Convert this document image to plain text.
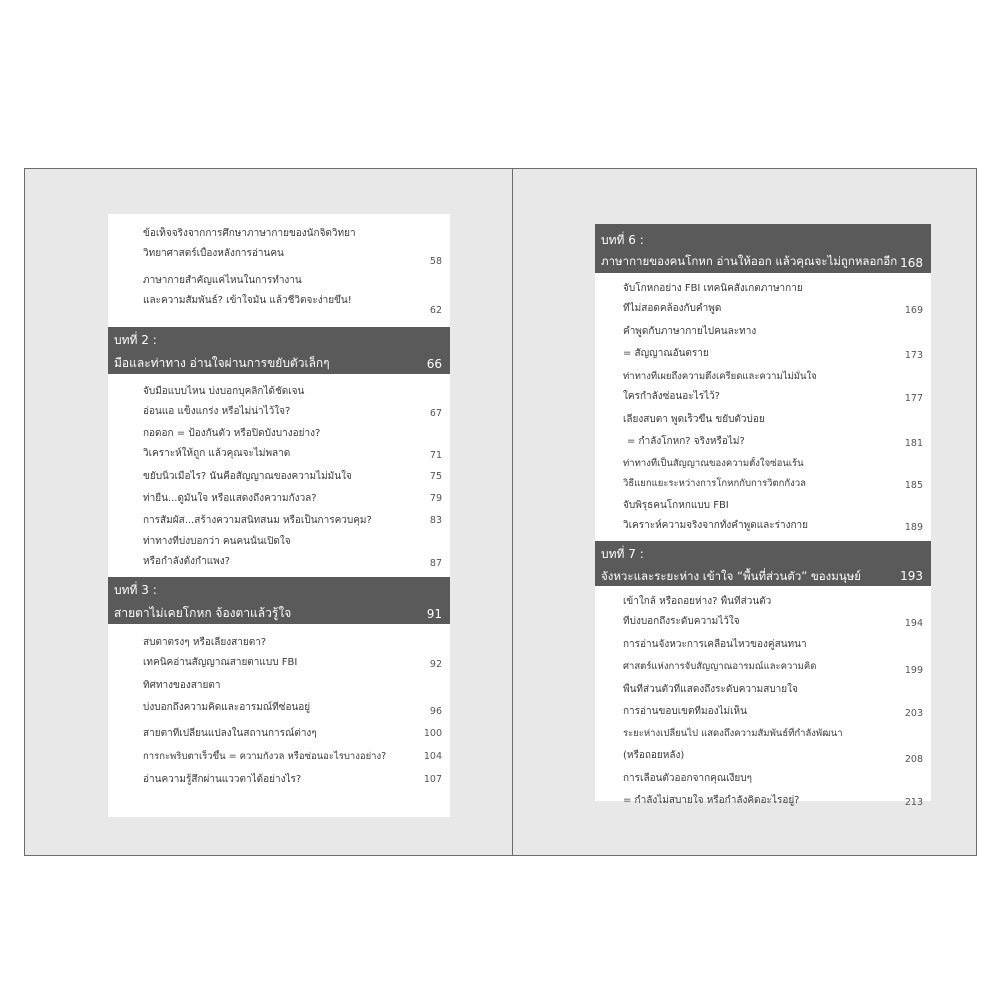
• ข้อเท็จจริงจากการศึกษาภาษากายของนักจิตวิทยา
วิทยาศาสตร์เบื้องหลังการอ่านคน
58
• ภาษากายสำคัญแค่ไหนในการทำงาน
และความสัมพันธ์? เข้าใจมัน แล้วชีวิตจะง่ายขึ้น!
62
บทที่ 2 :
มือและท่าทาง อ่านใจผ่านการขยับตัวเล็กๆ	66
• จับมือแบบไหน บ่งบอกบุคลิกได้ชัดเจน
อ่อนแอ แข็งแกร่ง หรือไม่น่าไว้ใจ?	67
• กอดอก = ป้องกันตัว หรือปิดบังบางอย่าง?
วิเคราะห์ให้ถูก แล้วคุณจะไม่พลาด	71
• ขยับนิ้วเมื่อไร? นั่นคือสัญญาณของความไม่มั่นใจ	75
• ท่ายืน...ดูมั่นใจ หรือแสดงถึงความกังวล?	79
• การสัมผัส...สร้างความสนิทสนม หรือเป็นการควบคุม?	83
• ท่าทางที่บ่งบอกว่า คนคนนั้นเปิดใจ
หรือกำลังตั้งกำแพง?	87
บทที่ 3 :
สายตาไม่เคยโกหก จ้องตาแล้วรู้ใจ	91
• สบตาตรงๆ หรือเลี่ยงสายตา?
เทคนิคอ่านสัญญาณสายตาแบบ FBI	92
• ทิศทางของสายตา
บ่งบอกถึงความคิดและอารมณ์ที่ซ่อนอยู่	96
• สายตาที่เปลี่ยนแปลงในสถานการณ์ต่างๆ	100
• การกะพริบตาเร็วขึ้น = ความกังวล หรือซ่อนอะไรบางอย่าง?	104
• อ่านความรู้สึกผ่านแววตาได้อย่างไร?	107
บทที่ 6 :
ภาษากายของคนโกหก อ่านให้ออก แล้วคุณจะไม่ถูกหลอกอีก 168
• จับโกหกอย่าง FBI เทคนิคสังเกตภาษากาย
ที่ไม่สอดคล้องกับคำพูด	169
• คำพูดกับภาษากายไปคนละทาง
= สัญญาณอันตราย	173
• ท่าทางที่เผยถึงความตึงเครียดและความไม่มั่นใจ
ใครกำลังซ่อนอะไรไว้?	177
• เลี่ยงสบตา พูดเร็วขึ้น ขยับตัวบ่อย
= กำลังโกหก? จริงหรือไม่?	181
• ท่าทางที่เป็นสัญญาณของความตั้งใจซ่อนเร้น
วิธีแยกแยะระหว่างการโกหกกับการวิตกกังวล	185
• จับพิรุธคนโกหกแบบ FBI
วิเคราะห์ความจริงจากทั้งคำพูดและร่างกาย	189
บทที่ 7 :
จังหวะและระยะห่าง เข้าใจ “พื้นที่ส่วนตัว” ของมนุษย์	193
• เข้าใกล้ หรือถอยห่าง? พื้นที่ส่วนตัว
ที่บ่งบอกถึงระดับความไว้ใจ	194
• การอ่านจังหวะการเคลื่อนไหวของคู่สนทนา
ศาสตร์แห่งการจับสัญญาณอารมณ์และความคิด	199
• พื้นที่ส่วนตัวที่แสดงถึงระดับความสบายใจ
การอ่านขอบเขตที่มองไม่เห็น	203
• ระยะห่างเปลี่ยนไป แสดงถึงความสัมพันธ์ที่กำลังพัฒนา
(หรือถอยหลัง)	208
• การเลื่อนตัวออกจากคุณเงียบๆ
= กำลังไม่สบายใจ หรือกำลังคิดอะไรอยู่?	213
